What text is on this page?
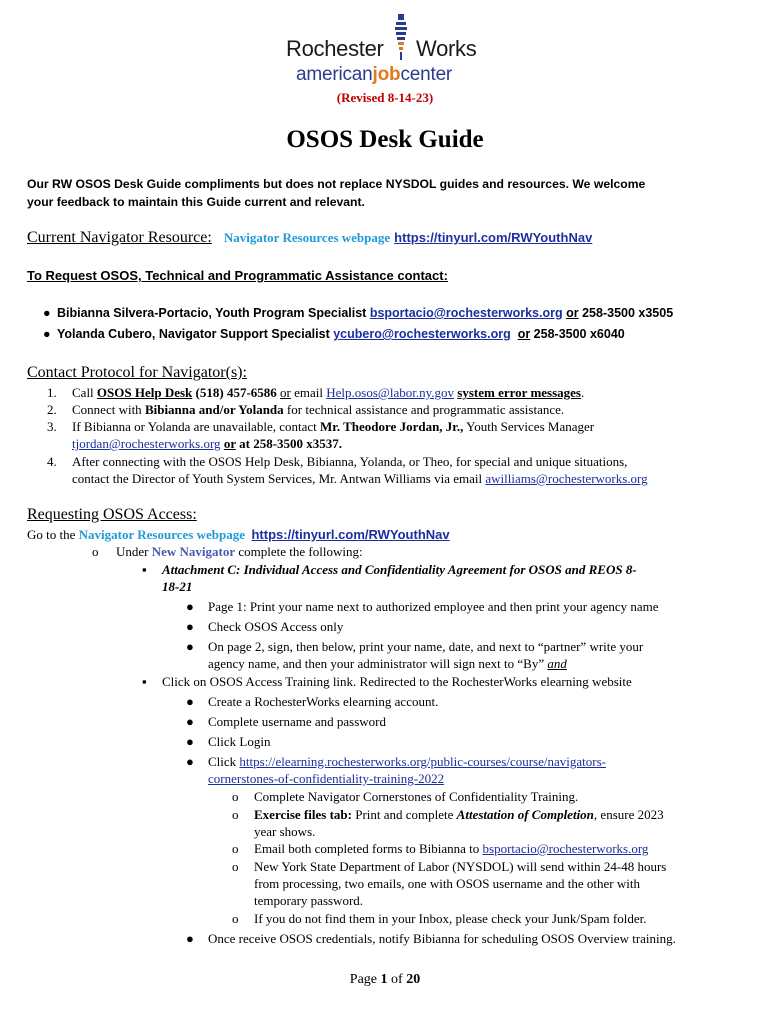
Rochester Works
americanjobcenter
(Revised 8-14-23)
OSOS Desk Guide
Our RW OSOS Desk Guide compliments but does not replace NYSDOL guides and resources. We welcome
your feedback to maintain this Guide current and relevant.
Current Navigator Resource: Navigator Resources webpage https://tinyurl.com/RWYouthNav
To Request OSOS, Technical and Programmatic Assistance contact:
● Bibianna Silvera-Portacio, Youth Program Specialist bsportacio@rochesterworks.org or 258-3500 x3505
● Yolanda Cubero, Navigator Support Specialist ycubero@rochesterworks.org or 258-3500 x6040
Contact Protocol for Navigator(s):
1. Call OSOS Help Desk (518) 457-6586 or email Help.osos@labor.ny.gov system error messages.
2. Connect with Bibianna and/or Yolanda for technical assistance and programmatic assistance.
3. If Bibianna or Yolanda are unavailable, contact Mr. Theodore Jordan, Jr., Youth Services Manager
tjordan@rochesterworks.org or at 258-3500 x3537.
4. After connecting with the OSOS Help Desk, Bibianna, Yolanda, or Theo, for special and unique situations,
contact the Director of Youth System Services, Mr. Antwan Williams via email awilliams@rochesterworks.org
Requesting OSOS Access:
Go to the Navigator Resources webpage https://tinyurl.com/RWYouthNav
o Under New Navigator complete the following:
▪ Attachment C: Individual Access and Confidentiality Agreement for OSOS and REOS 8-
18-21
● Page 1: Print your name next to authorized employee and then print your agency name
● Check OSOS Access only
● On page 2, sign, then below, print your name, date, and next to “partner” write your
agency name, and then your administrator will sign next to “By” and
▪ Click on OSOS Access Training link. Redirected to the RochesterWorks elearning website
● Create a RochesterWorks elearning account.
● Complete username and password
● Click Login
● Click https://elearning.rochesterworks.org/public-courses/course/navigators-
cornerstones-of-confidentiality-training-2022
o Complete Navigator Cornerstones of Confidentiality Training.
o Exercise files tab: Print and complete Attestation of Completion, ensure 2023
year shows.
o Email both completed forms to Bibianna to bsportacio@rochesterworks.org
o New York State Department of Labor (NYSDOL) will send within 24-48 hours
from processing, two emails, one with OSOS username and the other with
temporary password.
o If you do not find them in your Inbox, please check your Junk/Spam folder.
● Once receive OSOS credentials, notify Bibianna for scheduling OSOS Overview training.
Page 1 of 20
